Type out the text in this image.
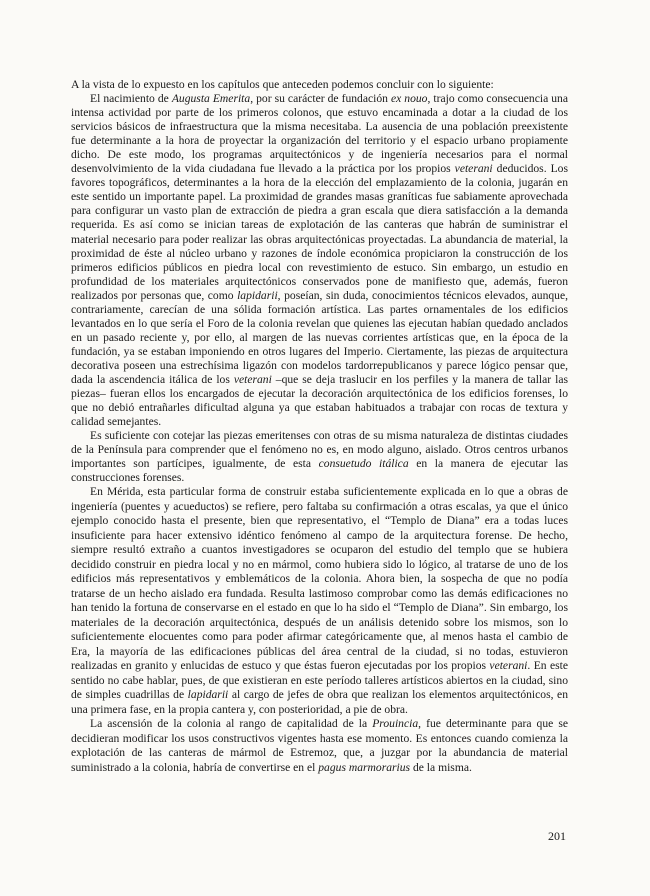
A la vista de lo expuesto en los capítulos que anteceden podemos concluir con lo siguiente:

El nacimiento de Augusta Emerita, por su carácter de fundación ex nouo, trajo como consecuencia una intensa actividad por parte de los primeros colonos, que estuvo encaminada a dotar a la ciudad de los servicios básicos de infraestructura que la misma necesitaba. La ausencia de una población preexistente fue determinante a la hora de proyectar la organización del territorio y el espacio urbano propiamente dicho. De este modo, los programas arquitectónicos y de ingeniería necesarios para el normal desenvolvimiento de la vida ciudadana fue llevado a la práctica por los propios veterani deducidos. Los favores topográficos, determinantes a la hora de la elección del emplazamiento de la colonia, jugarán en este sentido un importante papel. La proximidad de grandes masas graníticas fue sabiamente aprovechada para configurar un vasto plan de extracción de piedra a gran escala que diera satisfacción a la demanda requerida. Es así como se inician tareas de explotación de las canteras que habrán de suministrar el material necesario para poder realizar las obras arquitectónicas proyectadas. La abundancia de material, la proximidad de éste al núcleo urbano y razones de índole económica propiciaron la construcción de los primeros edificios públicos en piedra local con revestimiento de estuco. Sin embargo, un estudio en profundidad de los materiales arquitectónicos conservados pone de manifiesto que, además, fueron realizados por personas que, como lapidarii, poseían, sin duda, conocimientos técnicos elevados, aunque, contrariamente, carecían de una sólida formación artística. Las partes ornamentales de los edificios levantados en lo que sería el Foro de la colonia revelan que quienes las ejecutan habían quedado anclados en un pasado reciente y, por ello, al margen de las nuevas corrientes artísticas que, en la época de la fundación, ya se estaban imponiendo en otros lugares del Imperio. Ciertamente, las piezas de arquitectura decorativa poseen una estrechísima ligazón con modelos tardorrepublicanos y parece lógico pensar que, dada la ascendencia itálica de los veterani –que se deja traslucir en los perfiles y la manera de tallar las piezas– fueran ellos los encargados de ejecutar la decoración arquitectónica de los edificios forenses, lo que no debió entrañarles dificultad alguna ya que estaban habituados a trabajar con rocas de textura y calidad semejantes.

Es suficiente con cotejar las piezas emeritenses con otras de su misma naturaleza de distintas ciudades de la Península para comprender que el fenómeno no es, en modo alguno, aislado. Otros centros urbanos importantes son partícipes, igualmente, de esta consuetudo itálica en la manera de ejecutar las construcciones forenses.

En Mérida, esta particular forma de construir estaba suficientemente explicada en lo que a obras de ingeniería (puentes y acueductos) se refiere, pero faltaba su confirmación a otras escalas, ya que el único ejemplo conocido hasta el presente, bien que representativo, el “Templo de Diana” era a todas luces insuficiente para hacer extensivo idéntico fenómeno al campo de la arquitectura forense. De hecho, siempre resultó extraño a cuantos investigadores se ocuparon del estudio del templo que se hubiera decidido construir en piedra local y no en mármol, como hubiera sido lo lógico, al tratarse de uno de los edificios más representativos y emblemáticos de la colonia. Ahora bien, la sospecha de que no podía tratarse de un hecho aislado era fundada. Resulta lastimoso comprobar como las demás edificaciones no han tenido la fortuna de conservarse en el estado en que lo ha sido el “Templo de Diana”. Sin embargo, los materiales de la decoración arquitectónica, después de un análisis detenido sobre los mismos, son lo suficientemente elocuentes como para poder afirmar categóricamente que, al menos hasta el cambio de Era, la mayoría de las edificaciones públicas del área central de la ciudad, si no todas, estuvieron realizadas en granito y enlucidas de estuco y que éstas fueron ejecutadas por los propios veterani. En este sentido no cabe hablar, pues, de que existieran en este período talleres artísticos abiertos en la ciudad, sino de simples cuadrillas de lapidarii al cargo de jefes de obra que realizan los elementos arquitectónicos, en una primera fase, en la propia cantera y, con posterioridad, a pie de obra.

La ascensión de la colonia al rango de capitalidad de la Prouincia, fue determinante para que se decidieran modificar los usos constructivos vigentes hasta ese momento. Es entonces cuando comienza la explotación de las canteras de mármol de Estremoz, que, a juzgar por la abundancia de material suministrado a la colonia, habría de convertirse en el pagus marmorarius de la misma.

201
